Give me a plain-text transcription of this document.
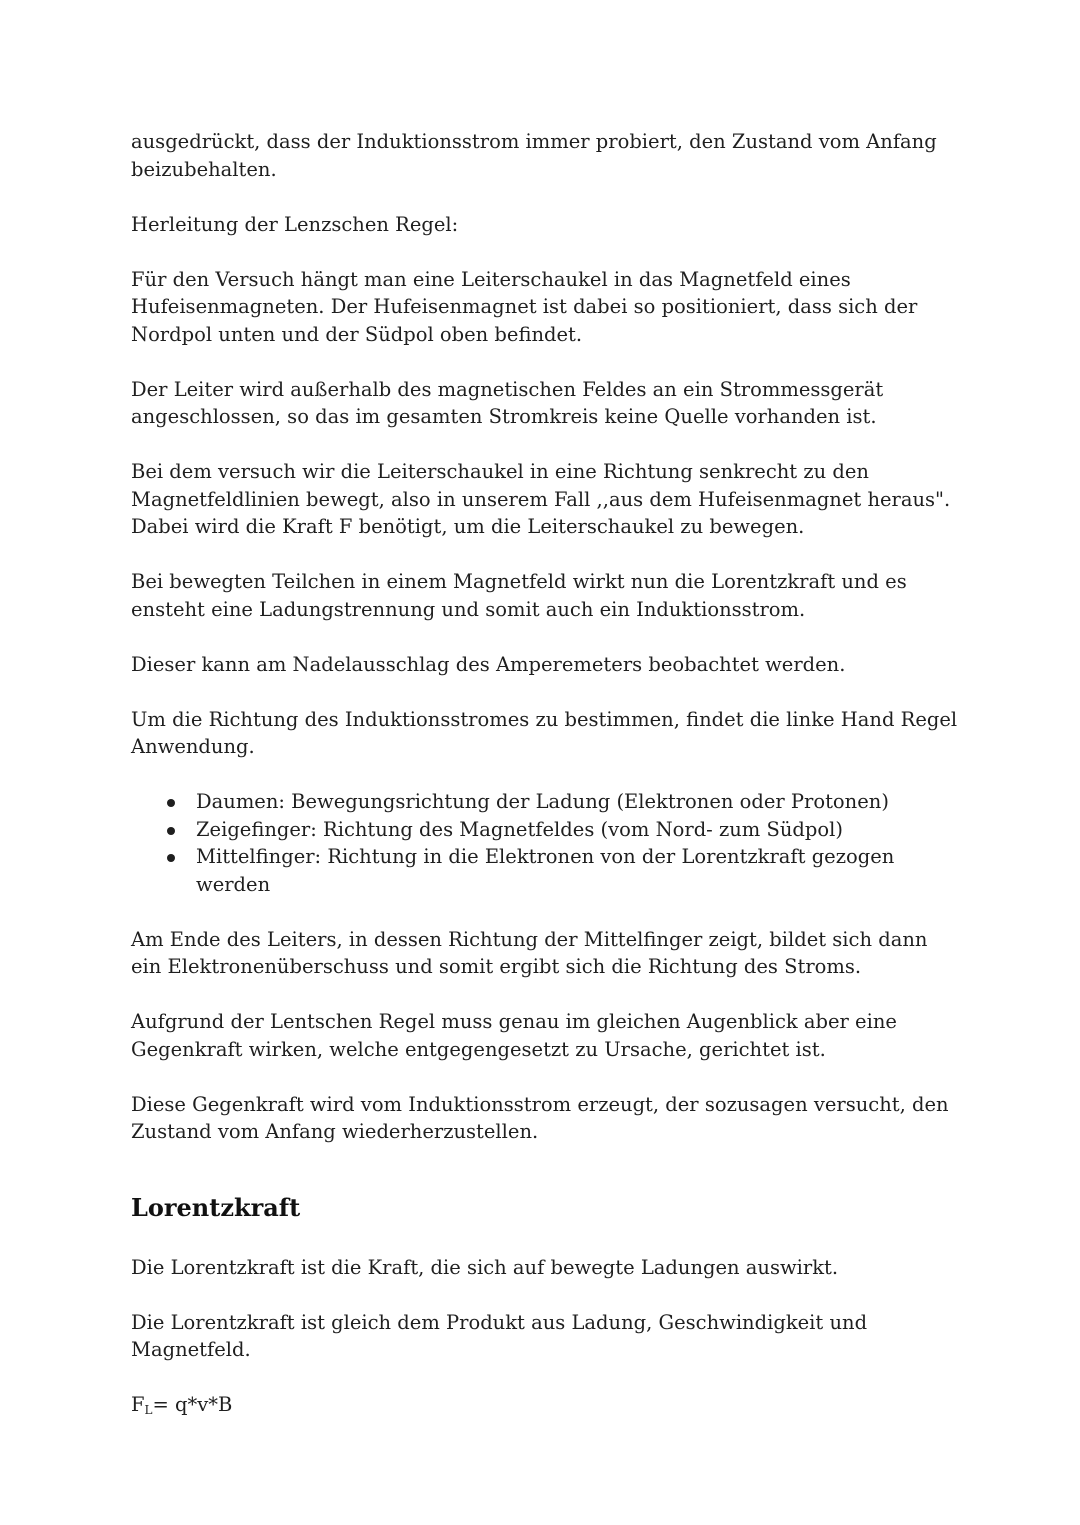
ausgedrückt, dass der Induktionsstrom immer probiert, den Zustand vom Anfang beizubehalten.

Herleitung der Lenzschen Regel:

Für den Versuch hängt man eine Leiterschaukel in das Magnetfeld eines Hufeisenmagneten. Der Hufeisenmagnet ist dabei so positioniert, dass sich der Nordpol unten und der Südpol oben befindet.

Der Leiter wird außerhalb des magnetischen Feldes an ein Strommessgerät angeschlossen, so das im gesamten Stromkreis keine Quelle vorhanden ist.

Bei dem versuch wir die Leiterschaukel in eine Richtung senkrecht zu den Magnetfeldlinien bewegt, also in unserem Fall ,,aus dem Hufeisenmagnet heraus". Dabei wird die Kraft F benötigt, um die Leiterschaukel zu bewegen.

Bei bewegten Teilchen in einem Magnetfeld wirkt nun die Lorentzkraft und es ensteht eine Ladungstrennung und somit auch ein Induktionsstrom.

Dieser kann am Nadelausschlag des Amperemeters beobachtet werden.

Um die Richtung des Induktionsstromes zu bestimmen, findet die linke Hand Regel Anwendung.

Daumen: Bewegungsrichtung der Ladung (Elektronen oder Protonen)
Zeigefinger: Richtung des Magnetfeldes (vom Nord- zum Südpol)
Mittelfinger: Richtung in die Elektronen von der Lorentzkraft gezogen werden

Am Ende des Leiters, in dessen Richtung der Mittelfinger zeigt, bildet sich dann ein Elektronenüberschuss und somit ergibt sich die Richtung des Stroms.

Aufgrund der Lentschen Regel muss genau im gleichen Augenblick aber eine Gegenkraft wirken, welche entgegengesetzt zu Ursache, gerichtet ist.

Diese Gegenkraft wird vom Induktionsstrom erzeugt, der sozusagen versucht, den Zustand vom Anfang wiederherzustellen.

Lorentzkraft

Die Lorentzkraft ist die Kraft, die sich auf bewegte Ladungen auswirkt.

Die Lorentzkraft ist gleich dem Produkt aus Ladung, Geschwindigkeit und Magnetfeld.

$F_L= q*v*B$
